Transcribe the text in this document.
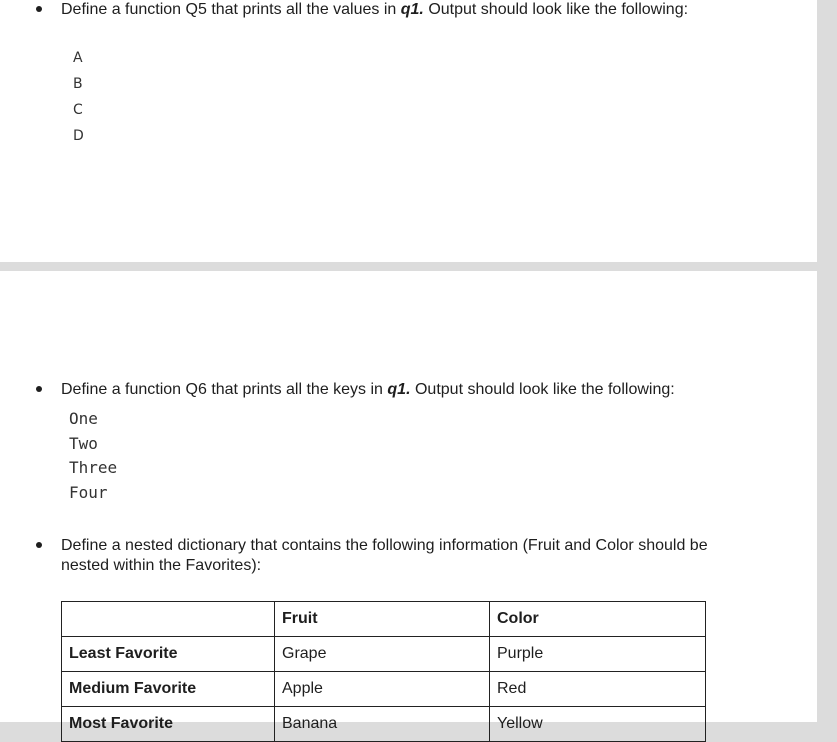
Define a function Q5 that prints all the values in q1. Output should look like the following:
A
B
C
D
Define a function Q6 that prints all the keys in q1. Output should look like the following:
One
Two
Three
Four
Define a nested dictionary that contains the following information (Fruit and Color should be nested within the Favorites):
	Fruit	Color
Least Favorite	Grape	Purple
Medium Favorite	Apple	Red
Most Favorite	Banana	Yellow
